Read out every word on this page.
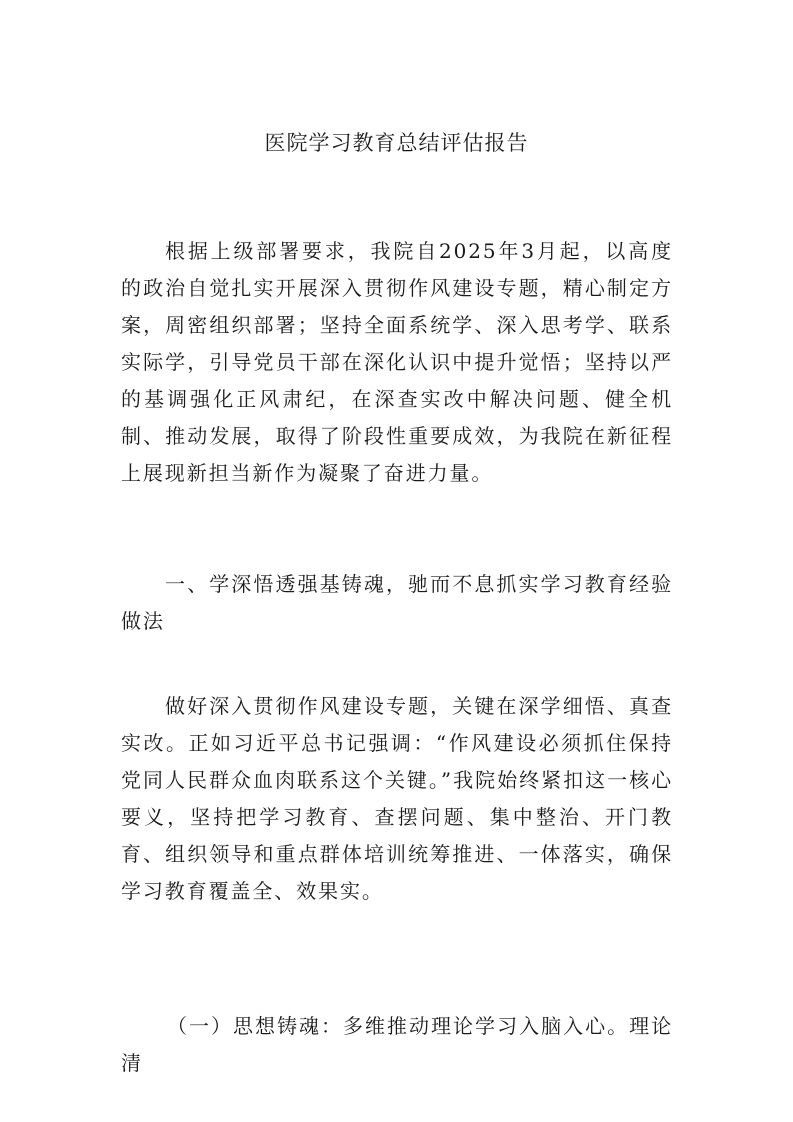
医院学习教育总结评估报告
根据上级部署要求，我院自2025年3月起，以高度的政治自觉扎实开展深入贯彻作风建设专题，精心制定方案，周密组织部署；坚持全面系统学、深入思考学、联系实际学，引导党员干部在深化认识中提升觉悟；坚持以严的基调强化正风肃纪，在深查实改中解决问题、健全机制、推动发展，取得了阶段性重要成效，为我院在新征程上展现新担当新作为凝聚了奋进力量。
一、学深悟透强基铸魂，驰而不息抓实学习教育经验做法
做好深入贯彻作风建设专题，关键在深学细悟、真查实改。正如习近平总书记强调：“作风建设必须抓住保持党同人民群众血肉联系这个关键。”我院始终紧扣这一核心要义，坚持把学习教育、查摆问题、集中整治、开门教育、组织领导和重点群体培训统筹推进、一体落实，确保学习教育覆盖全、效果实。
（一）思想铸魂：多维推动理论学习入脑入心。理论清
